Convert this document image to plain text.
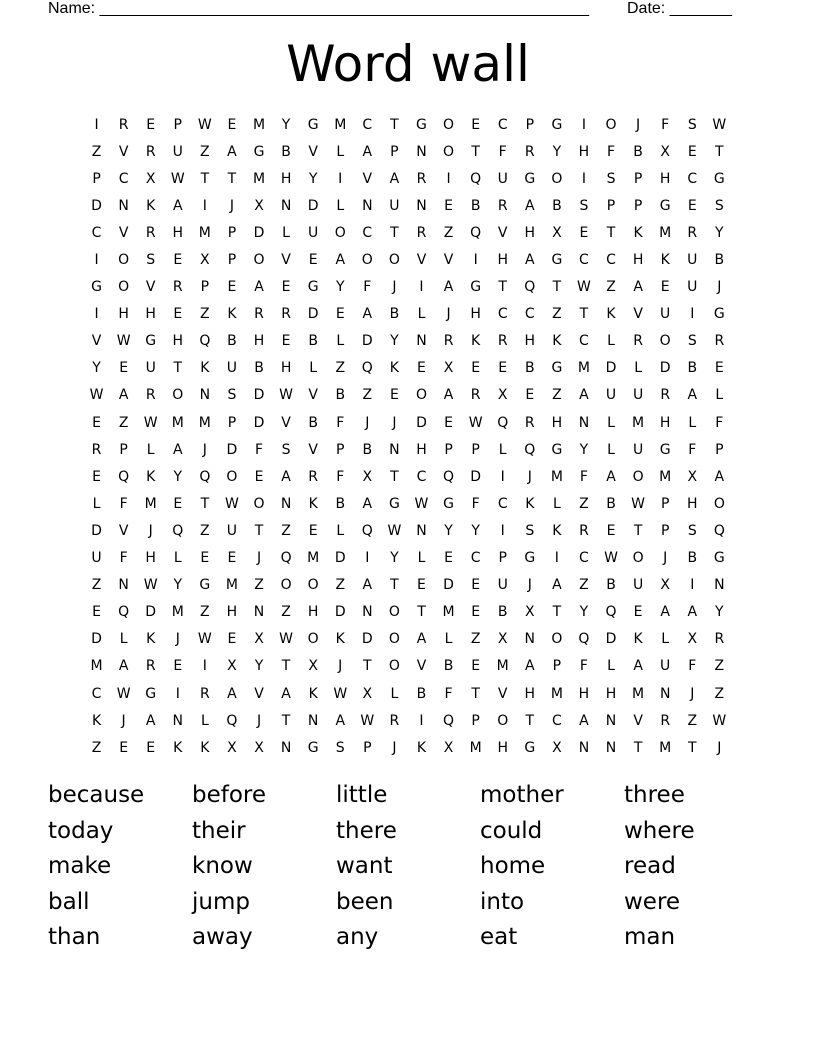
Name: _______________________________________________________ Date: _______
Word wall
I	R	E	P	W	E	M	Y	G	M	C	T	G	O	E	C	P	G	I	O	J	F	S	W
Z	V	R	U	Z	A	G	B	V	L	A	P	N	O	T	F	R	Y	H	F	B	X	E	T
P	C	X	W	T	T	M	H	Y	I	V	A	R	I	Q	U	G	O	I	S	P	H	C	G
D	N	K	A	I	J	X	N	D	L	N	U	N	E	B	R	A	B	S	P	P	G	E	S
C	V	R	H	M	P	D	L	U	O	C	T	R	Z	Q	V	H	X	E	T	K	M	R	Y
I	O	S	E	X	P	O	V	E	A	O	O	V	V	I	H	A	G	C	C	H	K	U	B
G	O	V	R	P	E	A	E	G	Y	F	J	I	A	G	T	Q	T	W	Z	A	E	U	J
I	H	H	E	Z	K	R	R	D	E	A	B	L	J	H	C	C	Z	T	K	V	U	I	G
V	W	G	H	Q	B	H	E	B	L	D	Y	N	R	K	R	H	K	C	L	R	O	S	R
Y	E	U	T	K	U	B	H	L	Z	Q	K	E	X	E	E	B	G	M	D	L	D	B	E
W	A	R	O	N	S	D	W	V	B	Z	E	O	A	R	X	E	Z	A	U	U	R	A	L
E	Z	W	M	M	P	D	V	B	F	J	J	D	E	W	Q	R	H	N	L	M	H	L	F
R	P	L	A	J	D	F	S	V	P	B	N	H	P	P	L	Q	G	Y	L	U	G	F	P
E	Q	K	Y	Q	O	E	A	R	F	X	T	C	Q	D	I	J	M	F	A	O	M	X	A
L	F	M	E	T	W	O	N	K	B	A	G	W	G	F	C	K	L	Z	B	W	P	H	O
D	V	J	Q	Z	U	T	Z	E	L	Q	W	N	Y	Y	I	S	K	R	E	T	P	S	Q
U	F	H	L	E	E	J	Q	M	D	I	Y	L	E	C	P	G	I	C	W	O	J	B	G
Z	N	W	Y	G	M	Z	O	O	Z	A	T	E	D	E	U	J	A	Z	B	U	X	I	N
E	Q	D	M	Z	H	N	Z	H	D	N	O	T	M	E	B	X	T	Y	Q	E	A	A	Y
D	L	K	J	W	E	X	W	O	K	D	O	A	L	Z	X	N	O	Q	D	K	L	X	R
M	A	R	E	I	X	Y	T	X	J	T	O	V	B	E	M	A	P	F	L	A	U	F	Z
C	W	G	I	R	A	V	A	K	W	X	L	B	F	T	V	H	M	H	H	M	N	J	Z
K	J	A	N	L	Q	J	T	N	A	W	R	I	Q	P	O	T	C	A	N	V	R	Z	W
Z	E	E	K	K	X	X	N	G	S	P	J	K	X	M	H	G	X	N	N	T	M	T	J
because	before	little	mother	three
today	their	there	could	where
make	know	want	home	read
ball	jump	been	into	were
than	away	any	eat	man
